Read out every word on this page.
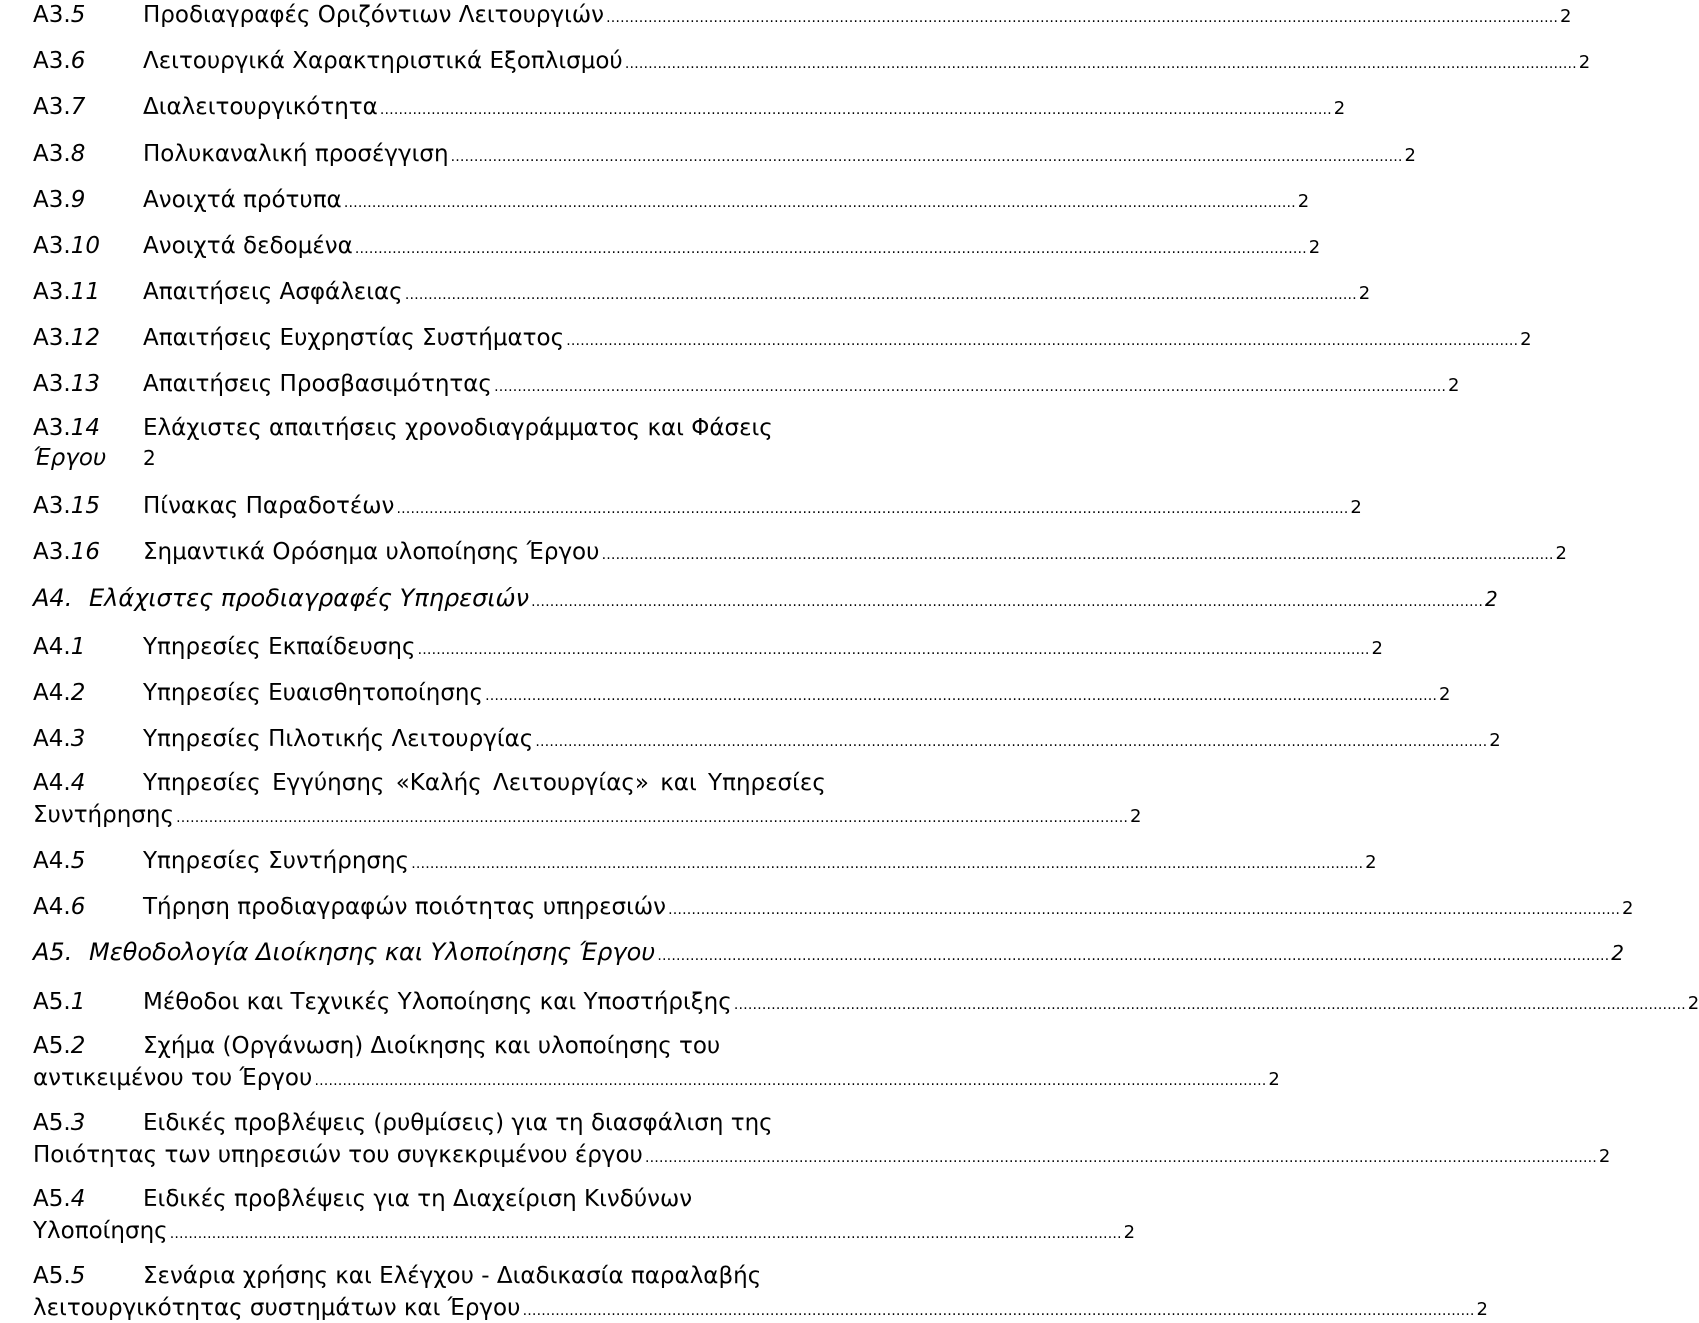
A3.5	Προδιαγραφές Οριζόντιων Λειτουργιών ……………………………………………………………………………………………………………………………………………………………………………………	2
A3.6	Λειτουργικά Χαρακτηριστικά Εξοπλισμού ……………………………………………………………………………………………………………………………………………………………………………………	2
A3.7	Διαλειτουργικότητα ……………………………………………………………………………………………………………………………………………………………………………………	2
A3.8	Πολυκαναλική προσέγγιση ……………………………………………………………………………………………………………………………………………………………………………………	2
A3.9	Ανοιχτά πρότυπα ……………………………………………………………………………………………………………………………………………………………………………………	2
A3.10	Ανοιχτά δεδομένα ……………………………………………………………………………………………………………………………………………………………………………………	2
A3.11	Απαιτήσεις Ασφάλειας ……………………………………………………………………………………………………………………………………………………………………………………	2
A3.12	Απαιτήσεις Ευχρηστίας Συστήματος ……………………………………………………………………………………………………………………………………………………………………………………	2
A3.13	Απαιτήσεις Προσβασιμότητας ……………………………………………………………………………………………………………………………………………………………………………………	2
A3.14	Ελάχιστες απαιτήσεις χρονοδιαγράμματος και Φάσεις
Έργου	2
A3.15	Πίνακας Παραδοτέων ……………………………………………………………………………………………………………………………………………………………………………………	2
A3.16	Σημαντικά Ορόσημα υλοποίησης Έργου ……………………………………………………………………………………………………………………………………………………………………………………	2
A4. Ελάχιστες προδιαγραφές Υπηρεσιών ……………………………………………………………………………………………………………………………………………………………………………………	2
A4.1	Υπηρεσίες Εκπαίδευσης ……………………………………………………………………………………………………………………………………………………………………………………	2
A4.2	Υπηρεσίες Ευαισθητοποίησης ……………………………………………………………………………………………………………………………………………………………………………………	2
A4.3	Υπηρεσίες Πιλοτικής Λειτουργίας ……………………………………………………………………………………………………………………………………………………………………………………	2
A4.4	Υπηρεσίες Εγγύησης «Καλής Λειτουργίας» και Υπηρεσίες
Συντήρησης ……………………………………………………………………………………………………………………………………………………………………………………	2
A4.5	Υπηρεσίες Συντήρησης ……………………………………………………………………………………………………………………………………………………………………………………	2
A4.6	Τήρηση προδιαγραφών ποιότητας υπηρεσιών ……………………………………………………………………………………………………………………………………………………………………………………	2
A5. Μεθοδολογία Διοίκησης και Υλοποίησης Έργου ……………………………………………………………………………………………………………………………………………………………………………………	2
A5.1	Μέθοδοι και Τεχνικές Υλοποίησης και Υποστήριξης ……………………………………………………………………………………………………………………………………………………………………………………	2
A5.2	Σχήμα (Οργάνωση) Διοίκησης και υλοποίησης του
αντικειμένου του Έργου ……………………………………………………………………………………………………………………………………………………………………………………	2
A5.3	Ειδικές προβλέψεις (ρυθμίσεις) για τη διασφάλιση της
Ποιότητας των υπηρεσιών του συγκεκριμένου έργου ……………………………………………………………………………………………………………………………………………………………………………………	2
A5.4	Ειδικές προβλέψεις για τη Διαχείριση Κινδύνων
Υλοποίησης ……………………………………………………………………………………………………………………………………………………………………………………	2
A5.5	Σενάρια χρήσης και Ελέγχου - Διαδικασία παραλαβής
λειτουργικότητας συστημάτων και Έργου ……………………………………………………………………………………………………………………………………………………………………………………	2
